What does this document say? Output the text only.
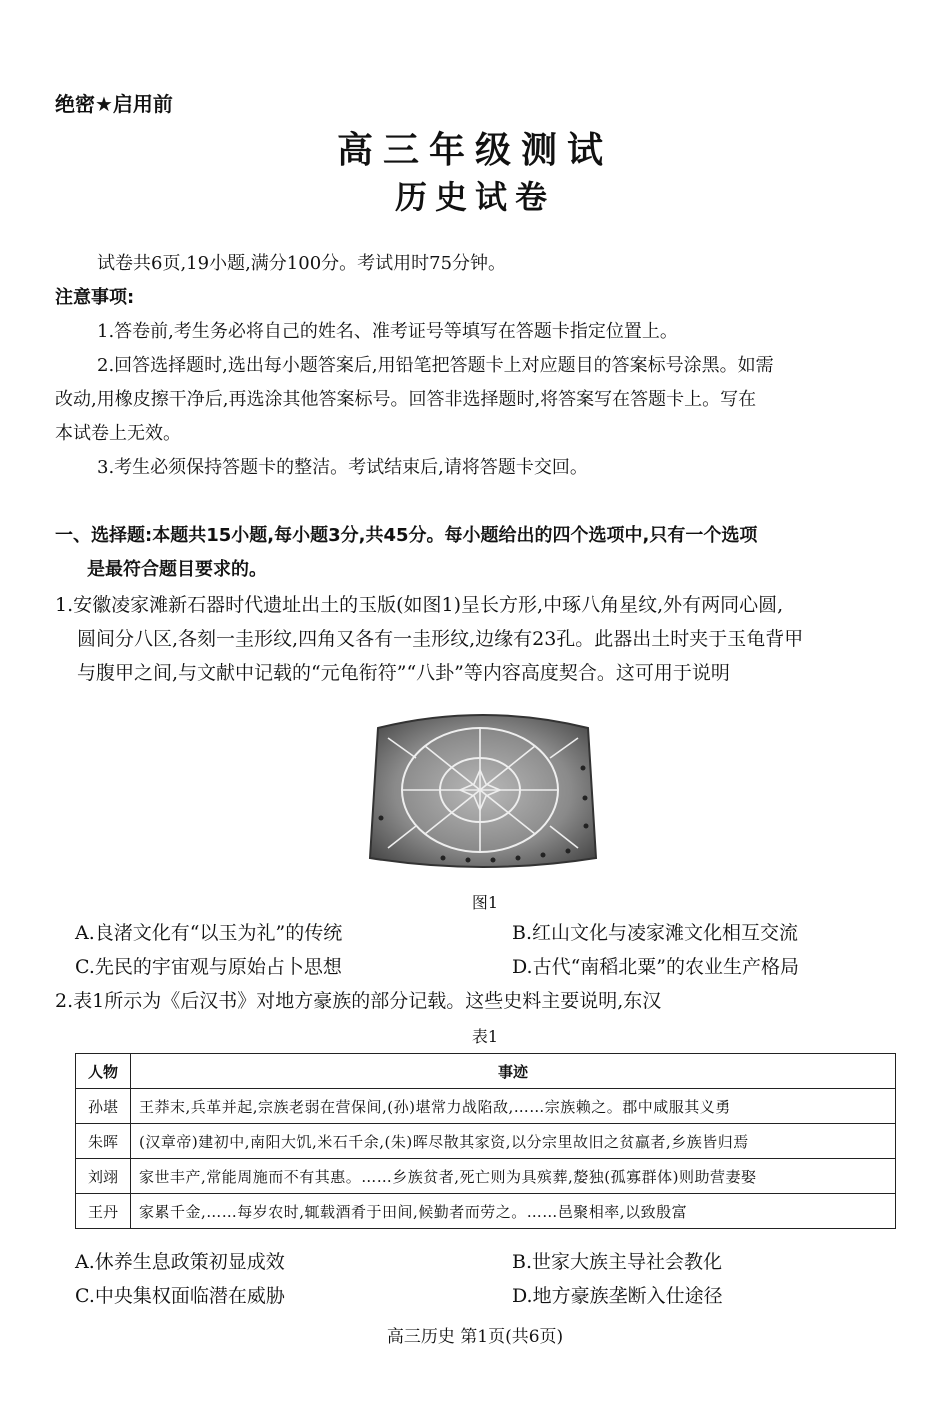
绝密★启用前
高三年级测试
历史试卷
试卷共6页,19小题,满分100分。考试用时75分钟。
注意事项:
1.答卷前,考生务必将自己的姓名、准考证号等填写在答题卡指定位置上。
2.回答选择题时,选出每小题答案后,用铅笔把答题卡上对应题目的答案标号涂黑。如需
改动,用橡皮擦干净后,再选涂其他答案标号。回答非选择题时,将答案写在答题卡上。写在
本试卷上无效。
3.考生必须保持答题卡的整洁。考试结束后,请将答题卡交回。
一、选择题:本题共15小题,每小题3分,共45分。每小题给出的四个选项中,只有一个选项
是最符合题目要求的。
1.安徽凌家滩新石器时代遗址出土的玉版(如图1)呈长方形,中琢八角星纹,外有两同心圆,
圆间分八区,各刻一圭形纹,四角又各有一圭形纹,边缘有23孔。此器出土时夹于玉龟背甲
与腹甲之间,与文献中记载的“元龟衔符”“八卦”等内容高度契合。这可用于说明
图1
A.良渚文化有“以玉为礼”的传统	B.红山文化与凌家滩文化相互交流
C.先民的宇宙观与原始占卜思想	D.古代“南稻北粟”的农业生产格局
2.表1所示为《后汉书》对地方豪族的部分记载。这些史料主要说明,东汉
表1
人物	事迹
孙堪	王莽末,兵革并起,宗族老弱在营保间,(孙)堪常力战陷敌,……宗族赖之。郡中咸服其义勇
朱晖	(汉章帝)建初中,南阳大饥,米石千余,(朱)晖尽散其家资,以分宗里故旧之贫羸者,乡族皆归焉
刘翊	家世丰产,常能周施而不有其惠。……乡族贫者,死亡则为具殡葬,嫠独(孤寡群体)则助营妻娶
王丹	家累千金,……每岁农时,辄载酒肴于田间,候勤者而劳之。……邑聚相率,以致殷富
A.休养生息政策初显成效	B.世家大族主导社会教化
C.中央集权面临潜在威胁	D.地方豪族垄断入仕途径
高三历史 第1页(共6页)
